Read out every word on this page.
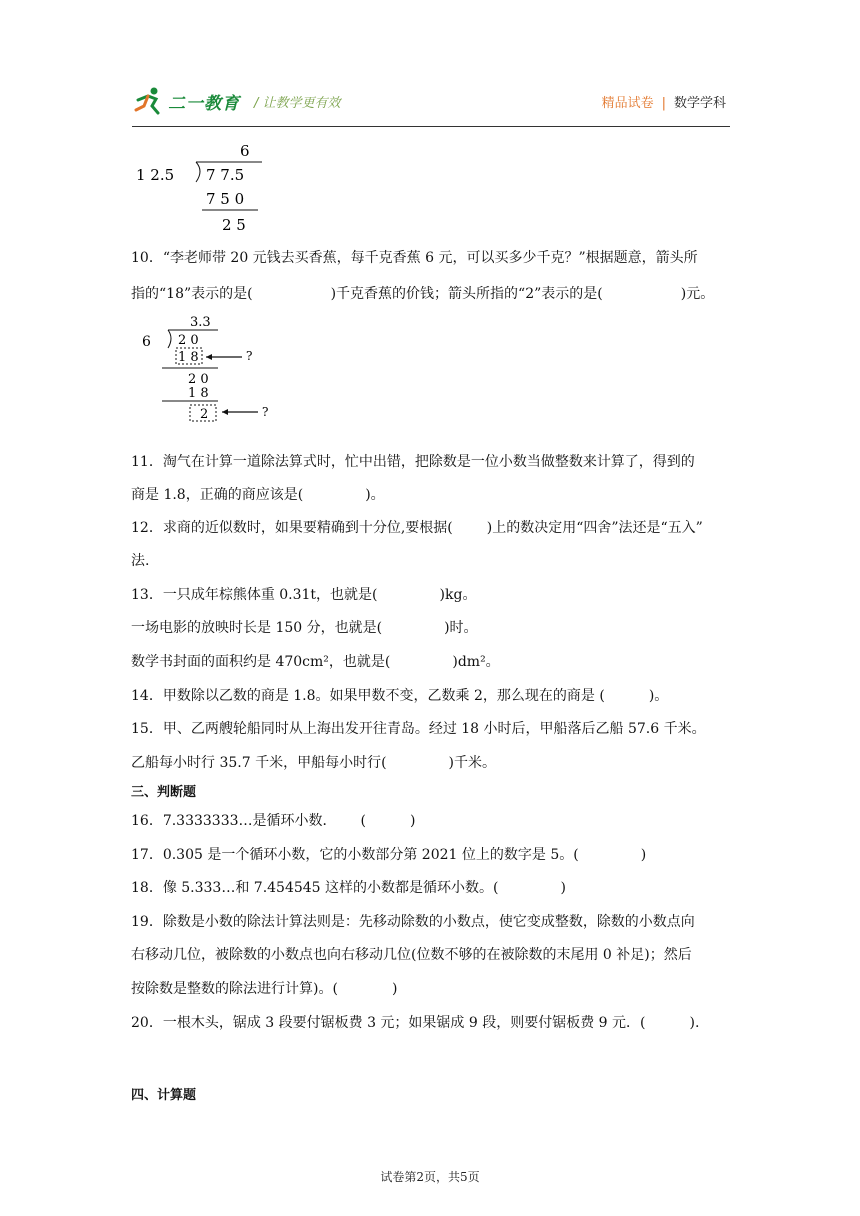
二一教育 / 让教学更有效	精品试卷 | 数学学科
6
1 2.5 7 7.5
7 5 0
2 5
10．“李老师带 20 元钱去买香蕉，每千克香蕉 6 元，可以买多少千克？”根据题意，箭头所
指的“18”表示的是(	)千克香蕉的价钱；箭头所指的“2”表示的是(	)元。
3.3
6 2 0
1 8	?
2 0
1 8
2	?
11．淘气在计算一道除法算式时，忙中出错，把除数是一位小数当做整数来计算了，得到的
商是 1.8，正确的商应该是(	)。
12．求商的近似数时，如果要精确到十分位,要根据( )上的数决定用“四舍”法还是“五入”
法.
13．一只成年棕熊体重 0.31t，也就是(	)kg。
一场电影的放映时长是 150 分，也就是(	)时。
数学书封面的面积约是 470cm²，也就是(	)dm²。
14．甲数除以乙数的商是 1.8。如果甲数不变，乙数乘 2，那么现在的商是 (	)。
15．甲、乙两艘轮船同时从上海出发开往青岛。经过 18 小时后，甲船落后乙船 57.6 千米。
乙船每小时行 35.7 千米，甲船每小时行(	)千米。
三、判断题
16．7.3333333…是循环小数． (	)
17．0.305 是一个循环小数，它的小数部分第 2021 位上的数字是 5。(	)
18．像 5.333…和 7.454545 这样的小数都是循环小数。(	)
19．除数是小数的除法计算法则是：先移动除数的小数点，使它变成整数，除数的小数点向
右移动几位，被除数的小数点也向右移动几位(位数不够的在被除数的末尾用 0 补足)；然后
按除数是整数的除法进行计算)。(	)
20．一根木头，锯成 3 段要付锯板费 3 元；如果锯成 9 段，则要付锯板费 9 元．(	).
四、计算题
试卷第2页，共5页
